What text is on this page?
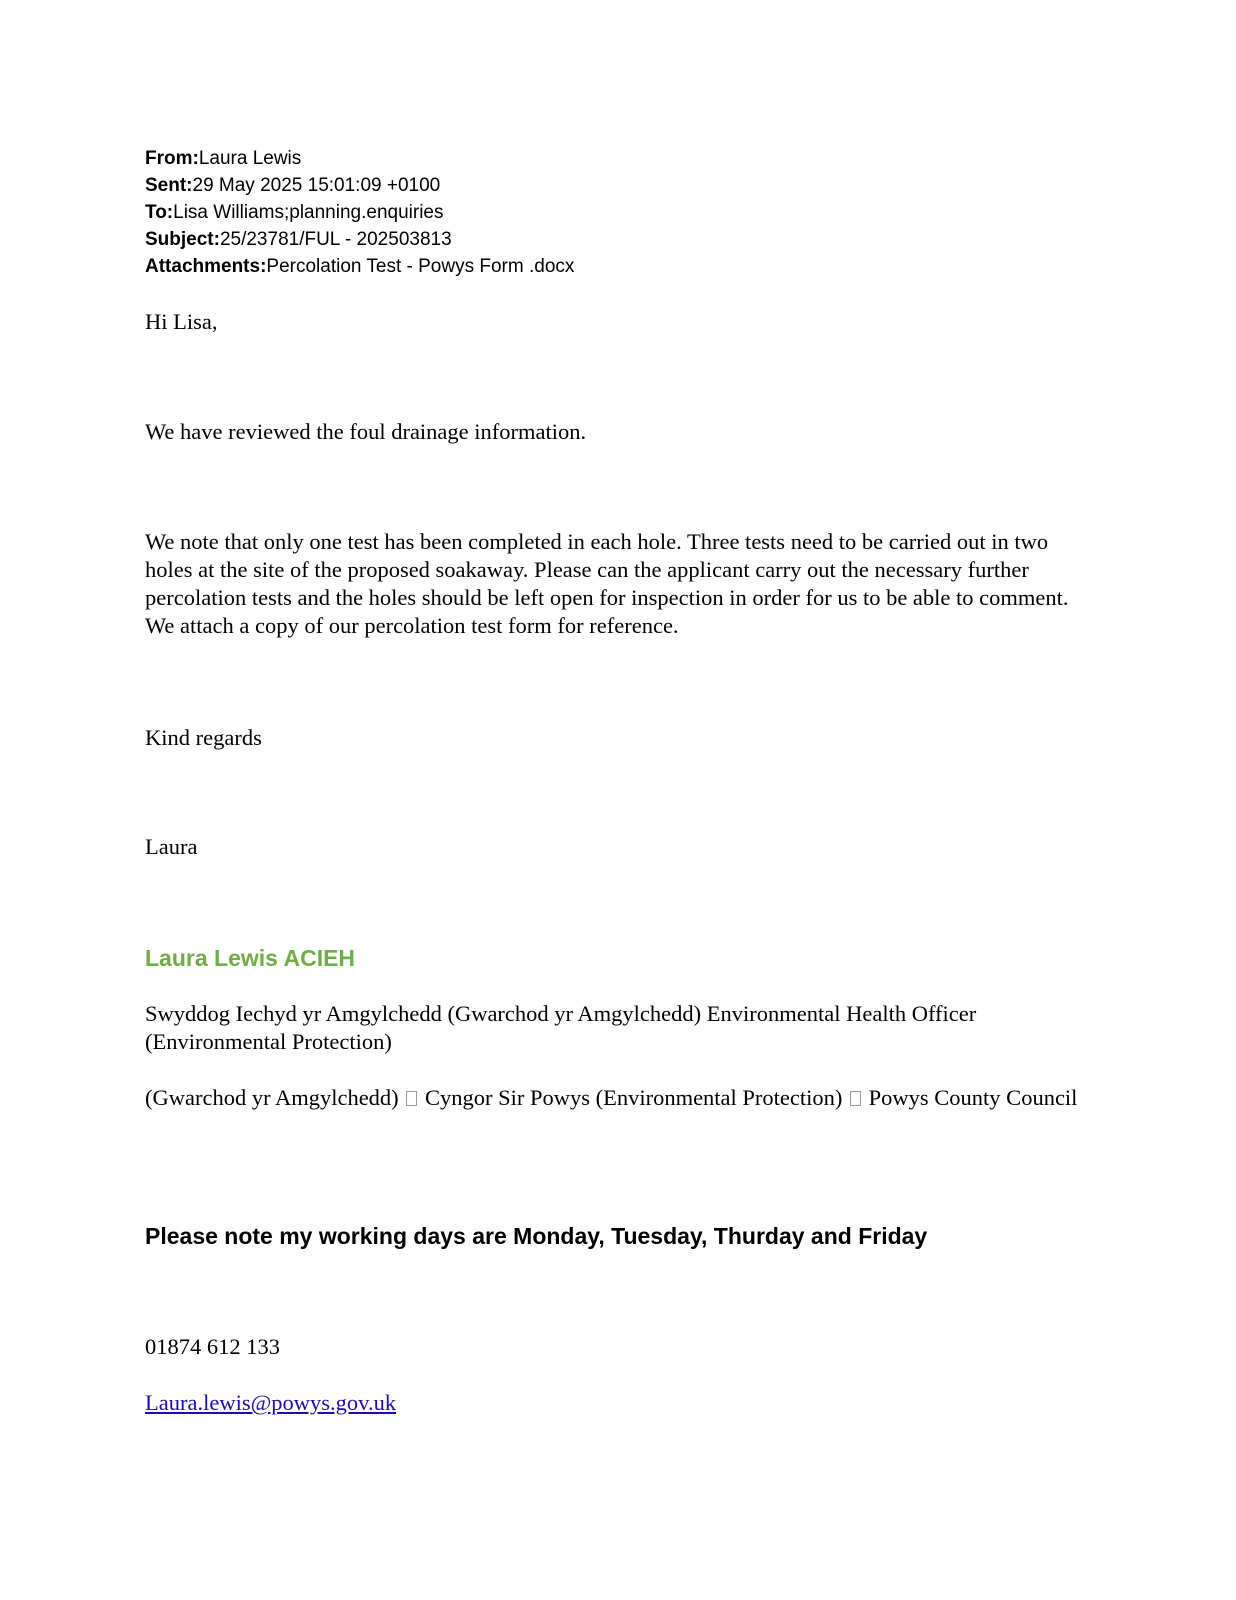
From:Laura Lewis
Sent:29 May 2025 15:01:09 +0100
To:Lisa Williams;planning.enquiries
Subject:25/23781/FUL - 202503813
Attachments:Percolation Test - Powys Form .docx
Hi Lisa,
We have reviewed the foul drainage information.
We note that only one test has been completed in each hole. Three tests need to be carried out in two holes at the site of the proposed soakaway. Please can the applicant carry out the necessary further percolation tests and the holes should be left open for inspection in order for us to be able to comment. We attach a copy of our percolation test form for reference.
Kind regards
Laura
Laura Lewis ACIEH
Swyddog Iechyd yr Amgylchedd (Gwarchod yr Amgylchedd) Environmental Health Officer (Environmental Protection)
(Gwarchod yr Amgylchedd) Cyngor Sir Powys (Environmental Protection) Powys County Council
Please note my working days are Monday, Tuesday, Thurday and Friday
01874 612 133
Laura.lewis@powys.gov.uk
